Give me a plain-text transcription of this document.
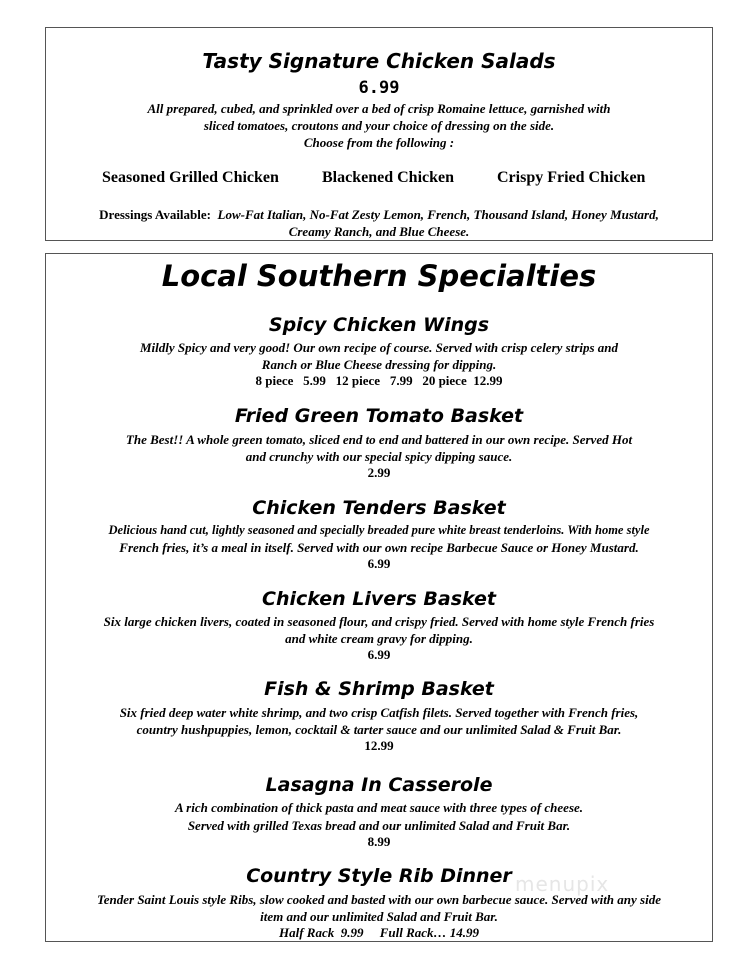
Tasty Signature Chicken Salads
6.99
All prepared, cubed, and sprinkled over a bed of crisp Romaine lettuce, garnished with
sliced tomatoes, croutons and your choice of dressing on the side.
Choose from the following :
Seasoned Grilled Chicken	Blackened Chicken	Crispy Fried Chicken
Dressings Available: Low-Fat Italian, No-Fat Zesty Lemon, French, Thousand Island, Honey Mustard,
Creamy Ranch, and Blue Cheese.
Local Southern Specialties
Spicy Chicken Wings
Mildly Spicy and very good! Our own recipe of course. Served with crisp celery strips and
Ranch or Blue Cheese dressing for dipping.
8 piece   5.99   12 piece   7.99   20 piece  12.99
Fried Green Tomato Basket
The Best!! A whole green tomato, sliced end to end and battered in our own recipe. Served Hot
and crunchy with our special spicy dipping sauce.
2.99
Chicken Tenders Basket
Delicious hand cut, lightly seasoned and specially breaded pure white breast tenderloins. With home style
French fries, it’s a meal in itself. Served with our own recipe Barbecue Sauce or Honey Mustard.
6.99
Chicken Livers Basket
Six large chicken livers, coated in seasoned flour, and crispy fried. Served with home style French fries
and white cream gravy for dipping.
6.99
Fish & Shrimp Basket
Six fried deep water white shrimp, and two crisp Catfish filets. Served together with French fries,
country hushpuppies, lemon, cocktail & tarter sauce and our unlimited Salad & Fruit Bar.
12.99
Lasagna In Casserole
A rich combination of thick pasta and meat sauce with three types of cheese.
Served with grilled Texas bread and our unlimited Salad and Fruit Bar.
8.99
Country Style Rib Dinner
Tender Saint Louis style Ribs, slow cooked and basted with our own barbecue sauce. Served with any side
item and our unlimited Salad and Fruit Bar.
Half Rack  9.99     Full Rack… 14.99
menupix
